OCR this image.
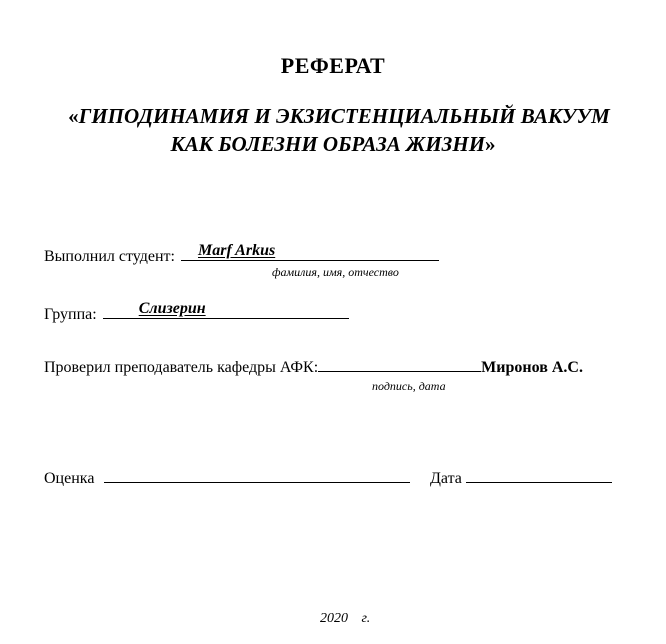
РЕФЕРАТ
«ГИПОДИНАМИЯ И ЭКЗИСТЕНЦИАЛЬНЫЙ ВАКУУМ
КАК БОЛЕЗНИ ОБРАЗА ЖИЗНИ»
Выполнил студент: Marf Arkus
фамилия, имя, отчество
Группа:	Слизерин
Проверил преподаватель кафедры АФК:	Миронов А.С.
подпись, дата
Оценка	Дата
2020 г.
